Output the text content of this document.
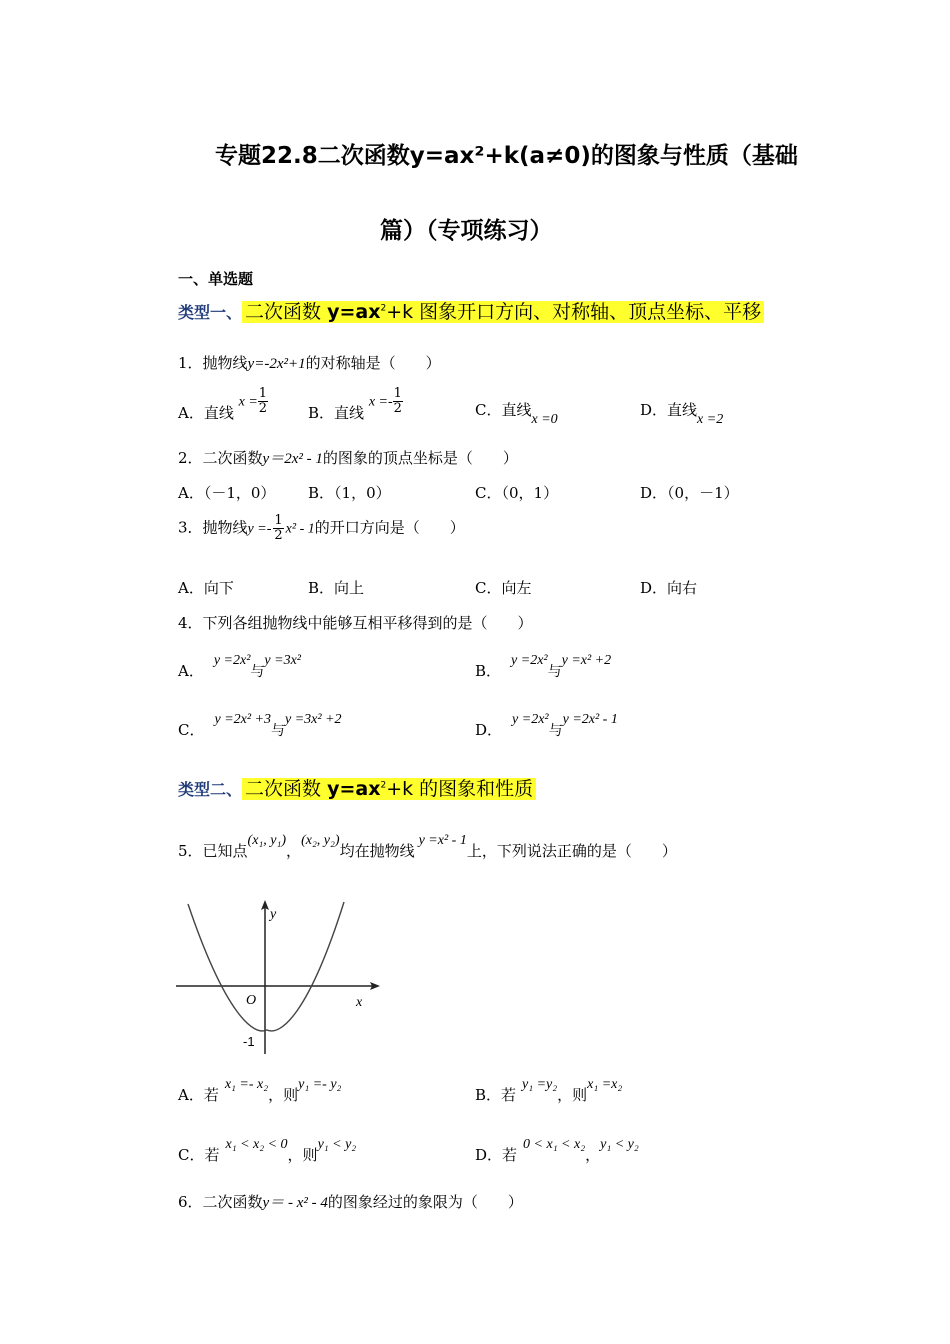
专题22.8二次函数y=ax²+k(a≠0)的图象与性质（基础
篇）（专项练习）
一、单选题
类型一、 二次函数 $y=ax^2+k$ 图象开口方向、对称轴、顶点坐标、平移
1．抛物线y=-2x²+1的对称轴是（　　）
A．直线 $x = \frac{1}{2}$	B．直线 $x =- \frac{1}{2}$	C．直线x =0
D．直线x =2
2．二次函数y＝2x² - 1的图象的顶点坐标是（　　）
A．（－1，0） B．（1，0）	C．（0，1）	D．（0，－1）
3．抛物线$y =- \frac{1}{2} x^2 - 1$的开口方向是（　　）
A．向下	B．向上	C．向左	D．向右
4．下列各组抛物线中能够互相平移得到的是（　　）
A．y =2x²与y =3x²
B．y =2x²与y =x² +2
C．y =2x² +3与y =3x² +2
D．y =2x²与y =2x² - 1
类型二、 二次函数 $y=ax^2+k$ 的图象和性质
5．已知点(x₁, y₁)，(x₂, y₂)均在抛物线y =x² - 1上，下列说法正确的是（　　）
y
x
O
-1
A．若x₁ =- x₂，则y₁ =- y₂
B．若y₁ =y₂，则x₁ =x₂
C．若x₁ < x₂ < 0，则y₁ < y₂
D．若0 < x₁ < x₂，y₁ < y₂
6．二次函数y＝ - x² - 4的图象经过的象限为（　　）
